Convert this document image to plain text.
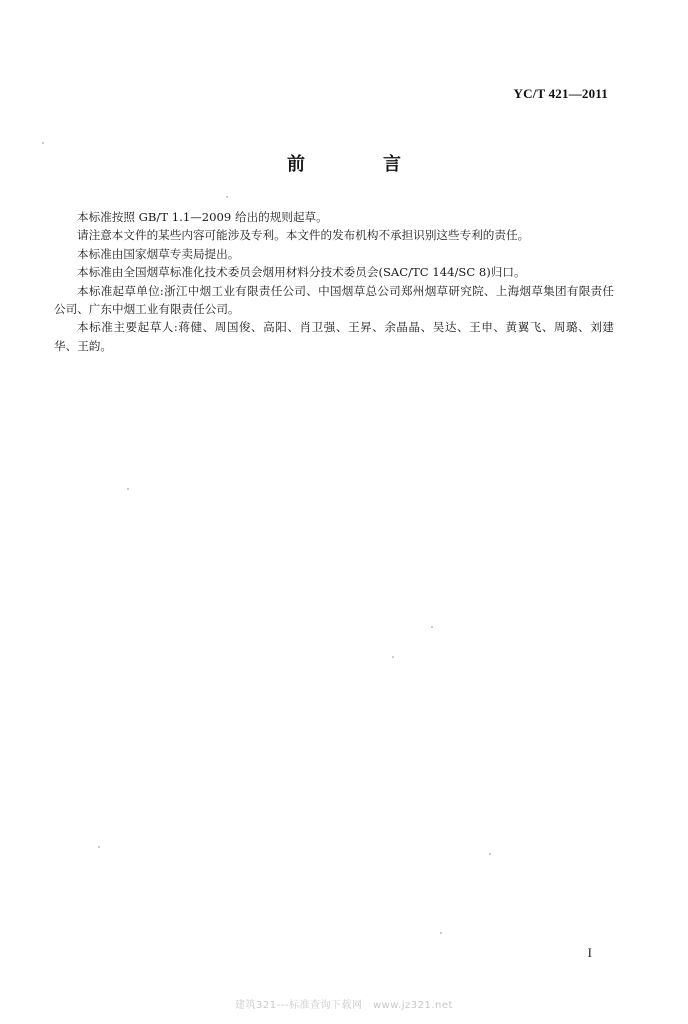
YC/T 421—2011
前　言

本标准按照 GB/T 1.1—2009 给出的规则起草。

请注意本文件的某些内容可能涉及专利。本文件的发布机构不承担识别这些专利的责任。

本标准由国家烟草专卖局提出。

本标准由全国烟草标准化技术委员会烟用材料分技术委员会(SAC/TC 144/SC 8)归口。

本标准起草单位:浙江中烟工业有限责任公司、中国烟草总公司郑州烟草研究院、上海烟草集团有限责任公司、广东中烟工业有限责任公司。

本标准主要起草人:蒋健、周国俊、高阳、肖卫强、王昇、余晶晶、吴达、王申、黄翼飞、周璐、刘建华、王韵。

I
建筑321---标准查询下载网　www.jz321.net
